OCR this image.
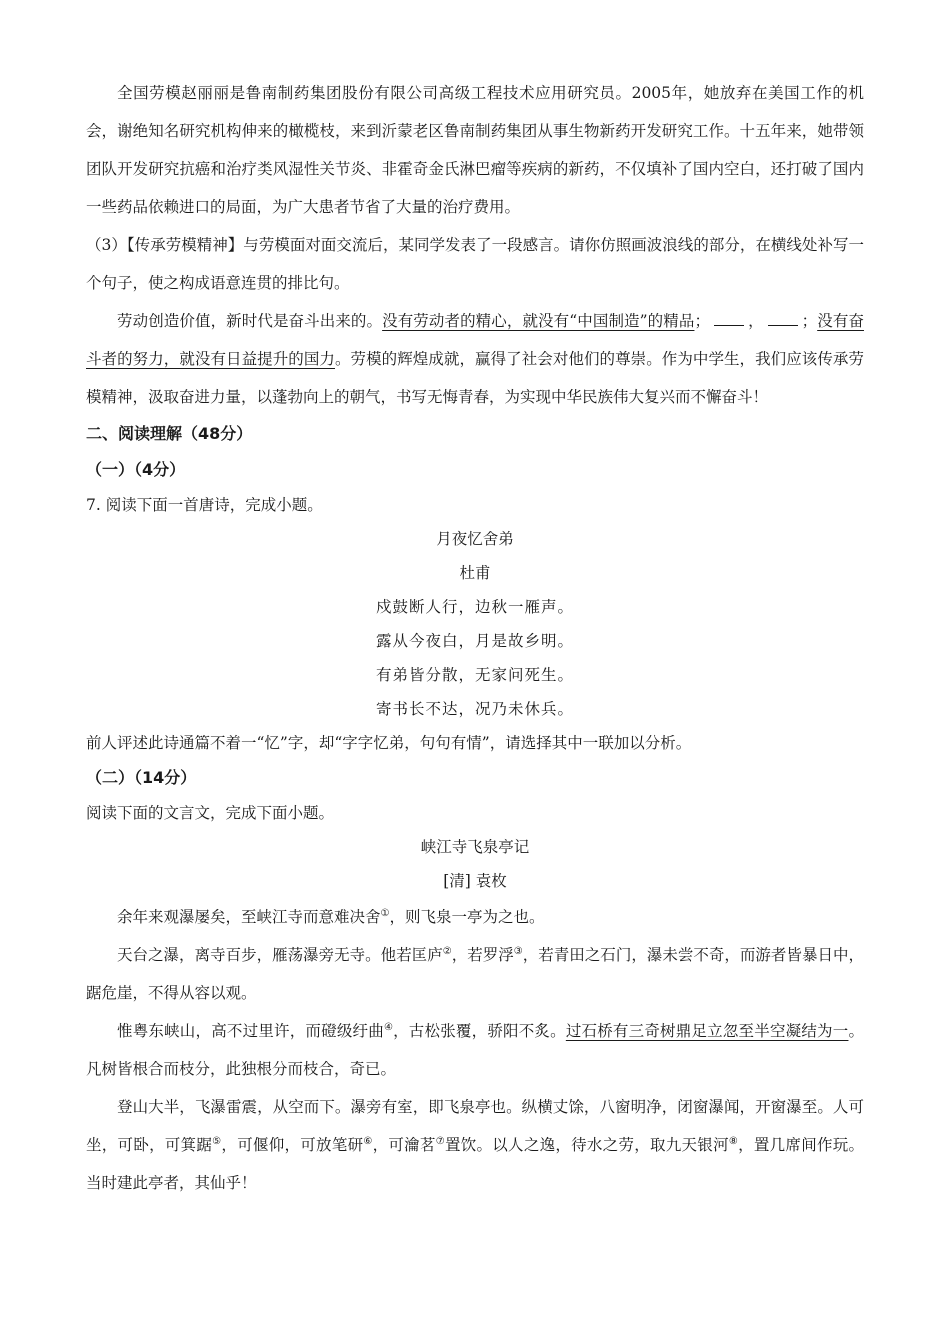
全国劳模赵丽丽是鲁南制药集团股份有限公司高级工程技术应用研究员。2005年，她放弃在美国工作的机会，谢绝知名研究机构伸来的橄榄枝，来到沂蒙老区鲁南制药集团从事生物新药开发研究工作。十五年来，她带领团队开发研究抗癌和治疗类风湿性关节炎、非霍奇金氏淋巴瘤等疾病的新药，不仅填补了国内空白，还打破了国内一些药品依赖进口的局面，为广大患者节省了大量的治疗费用。

（3）【传承劳模精神】与劳模面对面交流后，某同学发表了一段感言。请你仿照画波浪线的部分，在横线处补写一个句子，使之构成语意连贯的排比句。

劳动创造价值，新时代是奋斗出来的。没有劳动者的精心，就没有“中国制造”的精品； ， ；没有奋斗者的努力，就没有日益提升的国力。劳模的辉煌成就，赢得了社会对他们的尊崇。作为中学生，我们应该传承劳模精神，汲取奋进力量，以蓬勃向上的朝气，书写无悔青春，为实现中华民族伟大复兴而不懈奋斗！

二、阅读理解（48分）

（一）（4分）

7. 阅读下面一首唐诗，完成小题。

月夜忆舍弟

杜甫

戍鼓断人行，边秋一雁声。

露从今夜白，月是故乡明。

有弟皆分散，无家问死生。

寄书长不达，况乃未休兵。

前人评述此诗通篇不着一“忆”字，却“字字忆弟，句句有情”，请选择其中一联加以分析。

（二）（14分）

阅读下面的文言文，完成下面小题。

峡江寺飞泉亭记

[清] 袁枚

余年来观瀑屡矣，至峡江寺而意难决舍①，则飞泉一亭为之也。

天台之瀑，离寺百步，雁荡瀑旁无寺。他若匡庐②，若罗浮③，若青田之石门，瀑未尝不奇，而游者皆暴日中，踞危崖，不得从容以观。

惟粤东峡山，高不过里许，而磴级纡曲④，古松张覆，骄阳不炙。过石桥有三奇树鼎足立忽至半空凝结为一。凡树皆根合而枝分，此独根分而枝合，奇已。

登山大半，飞瀑雷震，从空而下。瀑旁有室，即飞泉亭也。纵横丈馀，八窗明净，闭窗瀑闻，开窗瀑至。人可坐，可卧，可箕踞⑤，可偃仰，可放笔研⑥，可瀹茗⑦置饮。以人之逸，待水之劳，取九天银河⑧，置几席间作玩。当时建此亭者，其仙乎！
